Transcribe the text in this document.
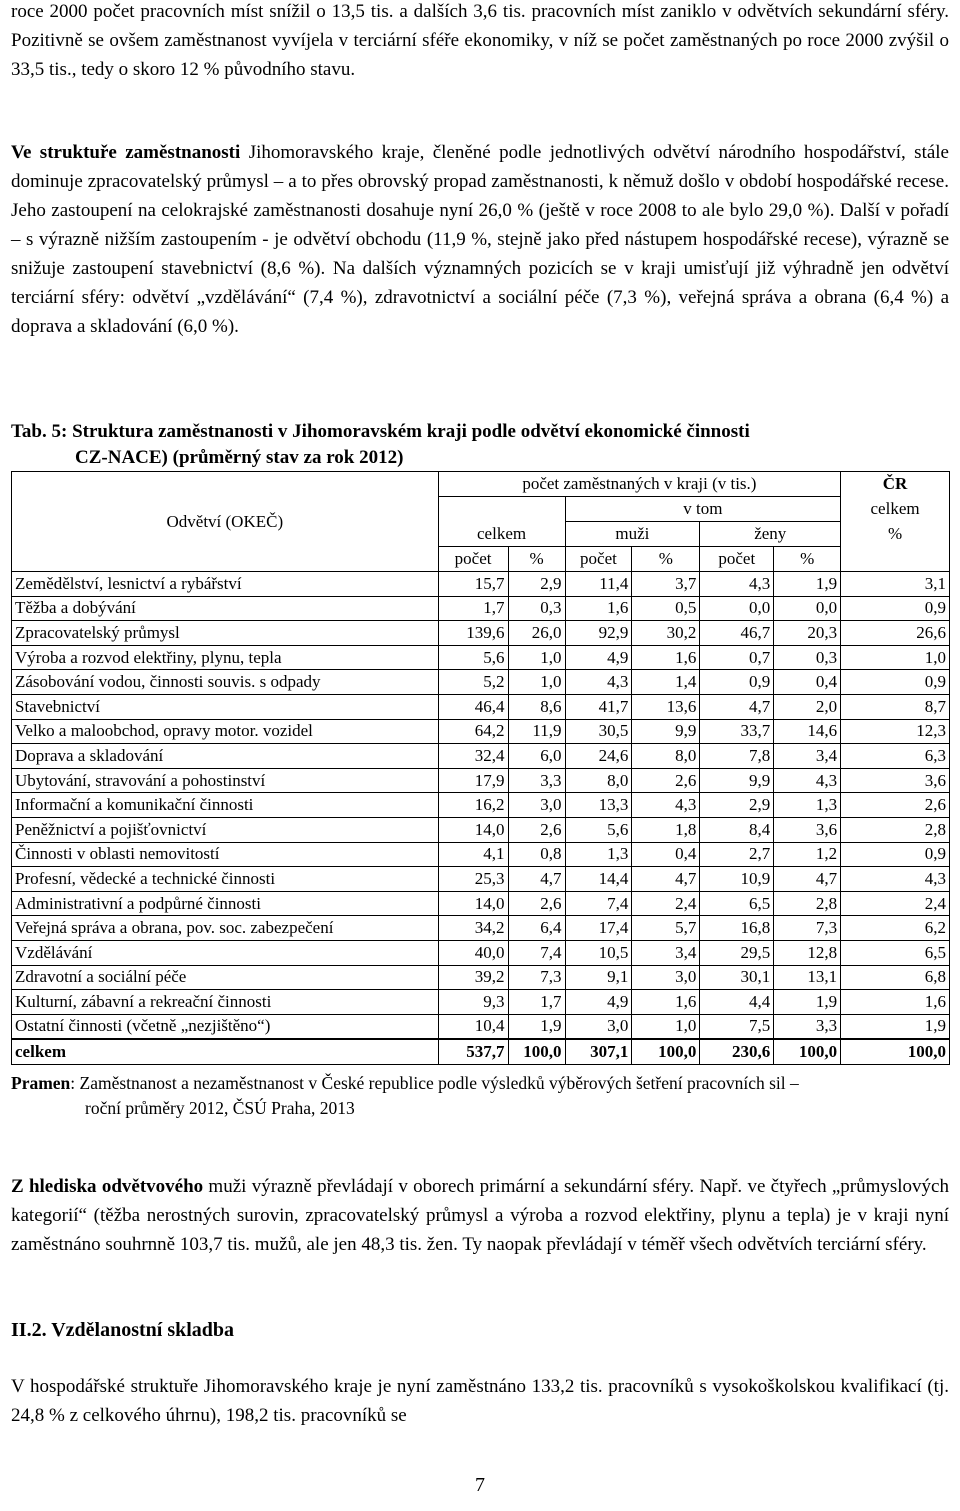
roce 2000 počet pracovních míst snížil o 13,5 tis. a dalších 3,6 tis. pracovních míst zaniklo v odvětvích sekundární sféry. Pozitivně se ovšem zaměstnanost vyvíjela v terciární sféře ekonomiky, v níž se počet zaměstnaných po roce 2000 zvýšil o 33,5 tis., tedy o skoro 12 % původního stavu.

Ve struktuře zaměstnanosti Jihomoravského kraje, členěné podle jednotlivých odvětví národního hospodářství, stále dominuje zpracovatelský průmysl – a to přes obrovský propad zaměstnanosti, k němuž došlo v období hospodářské recese. Jeho zastoupení na celokrajské zaměstnanosti dosahuje nyní 26,0 % (ještě v roce 2008 to ale bylo 29,0 %). Další v pořadí – s výrazně nižším zastoupením - je odvětví obchodu (11,9 %, stejně jako před nástupem hospodářské recese), výrazně se snižuje zastoupení stavebnictví (8,6 %). Na dalších významných pozicích se v kraji umisťují již výhradně jen odvětví terciární sféry: odvětví „vzdělávání“ (7,4 %), zdravotnictví a sociální péče (7,3 %), veřejná správa a obrana (6,4 %) a doprava a skladování (6,0 %).

Tab. 5: Struktura zaměstnanosti v Jihomoravském kraji podle odvětví ekonomické činnosti
CZ-NACE) (průměrný stav za rok 2012)
Odvětví (OKEČ)	počet zaměstnaných v kraji (v tis.)						ČR
			v tom				celkem
	celkem		muži		ženy		%
	počet	%	počet	%	počet	%	
Zemědělství, lesnictví a rybářství	15,7	2,9	11,4	3,7	4,3	1,9	3,1
Těžba a dobývání	1,7	0,3	1,6	0,5	0,0	0,0	0,9
Zpracovatelský průmysl	139,6	26,0	92,9	30,2	46,7	20,3	26,6
Výroba a rozvod elektřiny, plynu, tepla	5,6	1,0	4,9	1,6	0,7	0,3	1,0
Zásobování vodou, činnosti souvis. s odpady	5,2	1,0	4,3	1,4	0,9	0,4	0,9
Stavebnictví	46,4	8,6	41,7	13,6	4,7	2,0	8,7
Velko a maloobchod, opravy motor. vozidel	64,2	11,9	30,5	9,9	33,7	14,6	12,3
Doprava a skladování	32,4	6,0	24,6	8,0	7,8	3,4	6,3
Ubytování, stravování a pohostinství	17,9	3,3	8,0	2,6	9,9	4,3	3,6
Informační a komunikační činnosti	16,2	3,0	13,3	4,3	2,9	1,3	2,6
Peněžnictví a pojišťovnictví	14,0	2,6	5,6	1,8	8,4	3,6	2,8
Činnosti v oblasti nemovitostí	4,1	0,8	1,3	0,4	2,7	1,2	0,9
Profesní, vědecké a technické činnosti	25,3	4,7	14,4	4,7	10,9	4,7	4,3
Administrativní a podpůrné činnosti	14,0	2,6	7,4	2,4	6,5	2,8	2,4
Veřejná správa a obrana, pov. soc. zabezpečení	34,2	6,4	17,4	5,7	16,8	7,3	6,2
Vzdělávání	40,0	7,4	10,5	3,4	29,5	12,8	6,5
Zdravotní a sociální péče	39,2	7,3	9,1	3,0	30,1	13,1	6,8
Kulturní, zábavní a rekreační činnosti	9,3	1,7	4,9	1,6	4,4	1,9	1,6
Ostatní činnosti (včetně „nezjištěno“)	10,4	1,9	3,0	1,0	7,5	3,3	1,9
celkem	537,7	100,0	307,1	100,0	230,6	100,0	100,0
Pramen: Zaměstnanost a nezaměstnanost v České republice podle výsledků výběrových šetření pracovních sil –
roční průměry 2012, ČSÚ Praha, 2013

Z hlediska odvětvového muži výrazně převládají v oborech primární a sekundární sféry. Např. ve čtyřech „průmyslových kategorií“ (těžba nerostných surovin, zpracovatelský průmysl a výroba a rozvod elektřiny, plynu a tepla) je v kraji nyní zaměstnáno souhrnně 103,7 tis. mužů, ale jen 48,3 tis. žen. Ty naopak převládají v téměř všech odvětvích terciární sféry.

II.2. Vzdělanostní skladba

V hospodářské struktuře Jihomoravského kraje je nyní zaměstnáno 133,2 tis. pracovníků s vysokoškolskou kvalifikací (tj. 24,8 % z celkového úhrnu), 198,2 tis. pracovníků se

7
